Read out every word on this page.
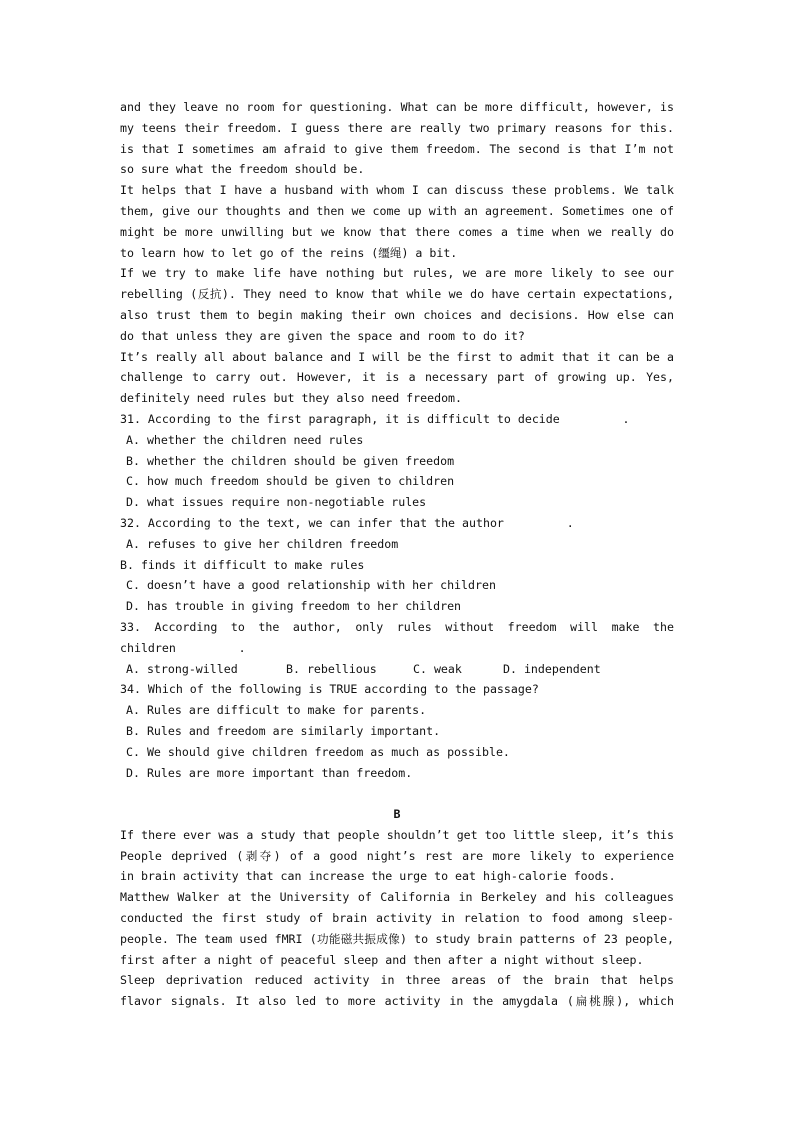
and they leave no room for questioning. What can be more difficult, however, is
my teens their freedom. I guess there are really two primary reasons for this.
is that I sometimes am afraid to give them freedom. The second is that I’m not
so sure what the freedom should be.
It helps that I have a husband with whom I can discuss these problems. We talk
them, give our thoughts and then we come up with an agreement. Sometimes one of
might be more unwilling but we know that there comes a time when we really do
to learn how to let go of the reins (缰绳) a bit.
If we try to make life have nothing but rules, we are more likely to see our
rebelling (反抗). They need to know that while we do have certain expectations,
also trust them to begin making their own choices and decisions. How else can
do that unless they are given the space and room to do it?
It’s really all about balance and I will be the first to admit that it can be a
challenge to carry out. However, it is a necessary part of growing up. Yes,
definitely need rules but they also need freedom.
31. According to the first paragraph, it is difficult to decide         .
A. whether the children need rules
B. whether the children should be given freedom
C. how much freedom should be given to children
D. what issues require non-negotiable rules
32. According to the text, we can infer that the author         .
A. refuses to give her children freedom
B. finds it difficult to make rules
C. doesn’t have a good relationship with her children
D. has trouble in giving freedom to her children
33. According to the author, only rules without freedom will make the
children         .
A. strong-willed	B. rebellious	C. weak	D. independent
34. Which of the following is TRUE according to the passage?
A. Rules are difficult to make for parents.
B. Rules and freedom are similarly important.
C. We should give children freedom as much as possible.
D. Rules are more important than freedom.
B
If there ever was a study that people shouldn’t get too little sleep, it’s this
People deprived (剥夺) of a good night’s rest are more likely to experience
in brain activity that can increase the urge to eat high-calorie foods.
Matthew Walker at the University of California in Berkeley and his colleagues
conducted the first study of brain activity in relation to food among sleep-
people. The team used fMRI (功能磁共振成像) to study brain patterns of 23 people,
first after a night of peaceful sleep and then after a night without sleep.
Sleep deprivation reduced activity in three areas of the brain that helps
flavor signals. It also led to more activity in the amygdala (扁桃腺), which
